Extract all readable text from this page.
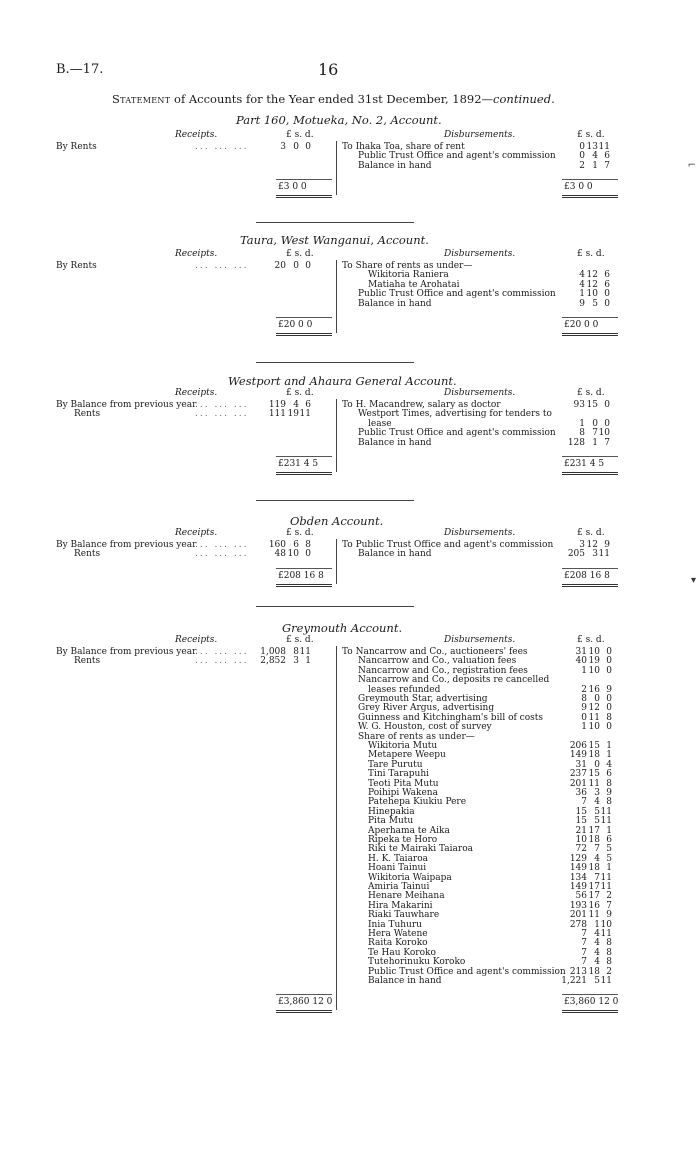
B.—17.	16
Statement of Accounts for the Year ended 31st December, 1892—continued.
Part 160, Motueka, No. 2, Account.
Receipts.	Disbursements.
£ s. d.	£ s. d.
By Rents	... ... ...	3 0 0	To Ihaka Toa, share of rent	0 13 11
Public Trust Office and agent's commission	0 4 6
Balance in hand	2 1 7
£3 0 0	£3 0 0
Taura, West Wanganui, Account.
Receipts.	Disbursements.
£ s. d.	£ s. d.
By Rents	... ... ...	20 0 0	To Share of rents as under—
Wikitoria Raniera	4 12 6
Matiaha te Arohatai	4 12 6
Public Trust Office and agent's commission	1 10 0
Balance in hand	9 5 0
£20 0 0	£20 0 0
Westport and Ahaura General Account.
Receipts.	Disbursements.
£ s. d.	£ s. d.
By Balance from previous year
... ... ...	119 4 6
Rents	... ... ...	111 19 11
To H. Macandrew, salary as doctor	93 15 0
Westport Times, advertising for tenders to
lease	1 0 0
Public Trust Office and agent's commission	8 7 10
Balance in hand	128 1 7
£231 4 5	£231 4 5
Obden Account.
Receipts.	Disbursements.
£ s. d.	£ s. d.
By Balance from previous year
... ... ...	160 6 8
Rents	... ... ...	48 10 0
To Public Trust Office and agent's commission	3 12 9
Balance in hand	205 3 11
£208 16 8	£208 16 8
Greymouth Account.
Receipts.	Disbursements.
£ s. d.	£ s. d.
By Balance from previous year
... ... ...	1,008 8 11
Rents	... ... ...	2,852 3 1
To Nancarrow and Co., auctioneers' fees	31 10 0
Nancarrow and Co., valuation fees	40 19 0
Nancarrow and Co., registration fees	1 10 0
Nancarrow and Co., deposits re cancelled
leases refunded	2 16 9
Greymouth Star, advertising	8 0 0
Grey River Argus, advertising	9 12 0
Guinness and Kitchingham's bill of costs	0 11 8
W. G. Houston, cost of survey	1 10 0
Share of rents as under—
Wikitoria Mutu	206 15 1
Metapere Weepu	149 18 1
Tare Purutu	31 0 4
Tini Tarapuhi	237 15 6
Teoti Pita Mutu	201 11 8
Poihipi Wakena	36 3 9
Patehepa Kiukiu Pere	7 4 8
Hinepakia	15 5 11
Pita Mutu	15 5 11
Aperhama te Aika	21 17 1
Ripeka te Horo	10 18 6
Riki te Mairaki Taiaroa	72 7 5
H. K. Taiaroa	129 4 5
Hoani Tainui	149 18 1
Wikitoria Waipapa	134 7 11
Amiria Tainui	149 17 11
Henare Meihana	56 17 2
Hira Makarini	193 16 7
Riaki Tauwhare	201 11 9
Inia Tuhuru	278 1 10
Hera Watene	7 4 11
Raita Koroko	7 4 8
Te Hau Koroko	7 4 8
Tutehorinuku Koroko	7 4 8
Public Trust Office and agent's commission 213 18 2
Balance in hand	1,221 5 11
£3,860 12 0	£3,860 12 0
⌐
▾
